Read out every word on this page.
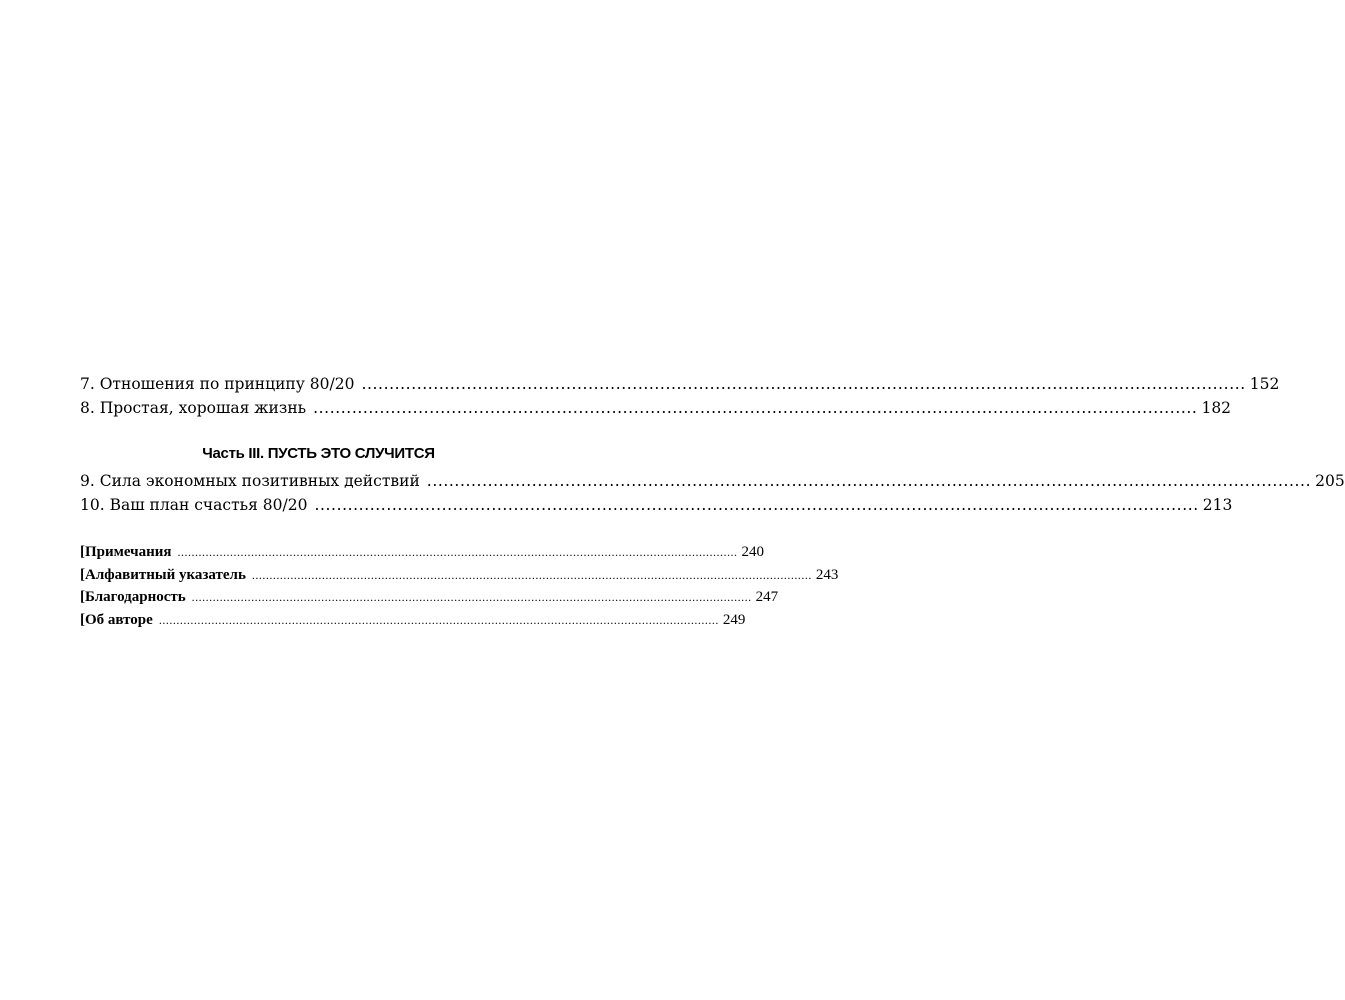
7. Отношения по принципу 80/20 ................................................................................................................................................................ 152
8. Простая, хорошая жизнь ................................................................................................................................................................ 182
Часть III. ПУСТЬ ЭТО СЛУЧИТСЯ
9. Сила экономных позитивных действий ................................................................................................................................................................ 205
10. Ваш план счастья 80/20 ................................................................................................................................................................ 213
[Примечания ................................................................................................................................................................ 240
[Алфавитный указатель ................................................................................................................................................................ 243
[Благодарность ................................................................................................................................................................ 247
[Об авторе ................................................................................................................................................................ 249
